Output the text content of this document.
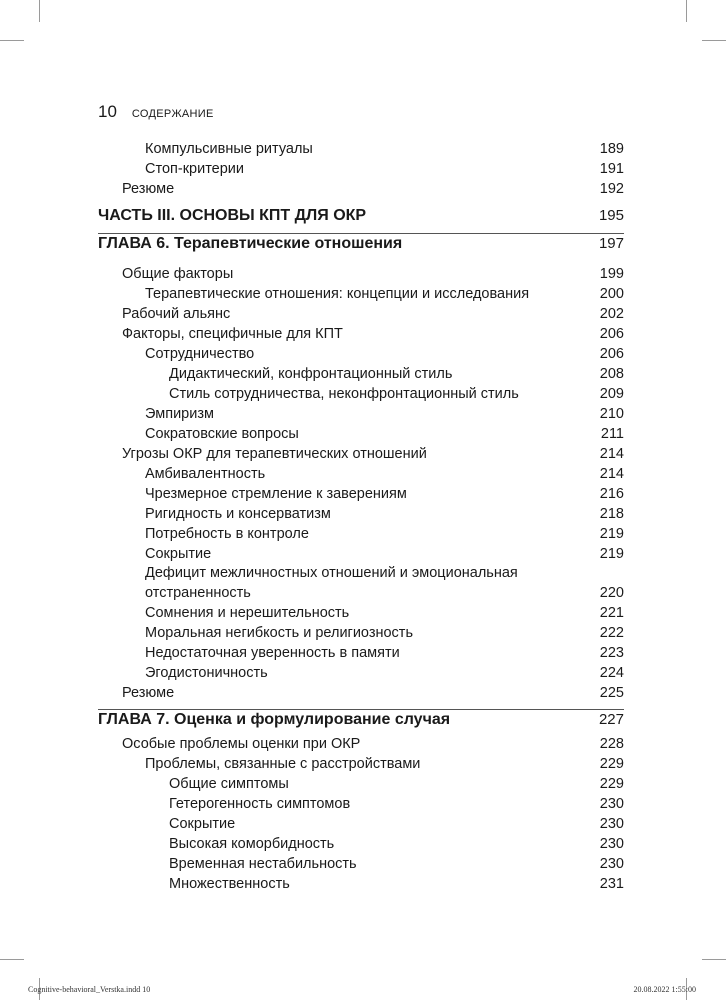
10 СОДЕРЖАНИЕ
Компульсивные ритуалы	189
Стоп-критерии	191
Резюме	192
ЧАСТЬ III. ОСНОВЫ КПТ ДЛЯ ОКР	195
ГЛАВА 6. Терапевтические отношения	197
Общие факторы	199
Терапевтические отношения: концепции и исследования	200
Рабочий альянс	202
Факторы, специфичные для КПТ	206
Сотрудничество	206
Дидактический, конфронтационный стиль	208
Стиль сотрудничества, неконфронтационный стиль	209
Эмпиризм	210
Сократовские вопросы	211
Угрозы ОКР для терапевтических отношений	214
Амбивалентность	214
Чрезмерное стремление к заверениям	216
Ригидность и консерватизм	218
Потребность в контроле	219
Сокрытие	219
Дефицит межличностных отношений и эмоциональная
отстраненность	220
Сомнения и нерешительность	221
Моральная негибкость и религиозность	222
Недостаточная уверенность в памяти	223
Эгодистоничность	224
Резюме	225
ГЛАВА 7. Оценка и формулирование случая	227
Особые проблемы оценки при ОКР	228
Проблемы, связанные с расстройствами	229
Общие симптомы	229
Гетерогенность симптомов	230
Сокрытие	230
Высокая коморбидность	230
Временная нестабильность	230
Множественность	231
Cognitive-behavioral_Verstka.indd 10	20.08.2022 1:55:00
